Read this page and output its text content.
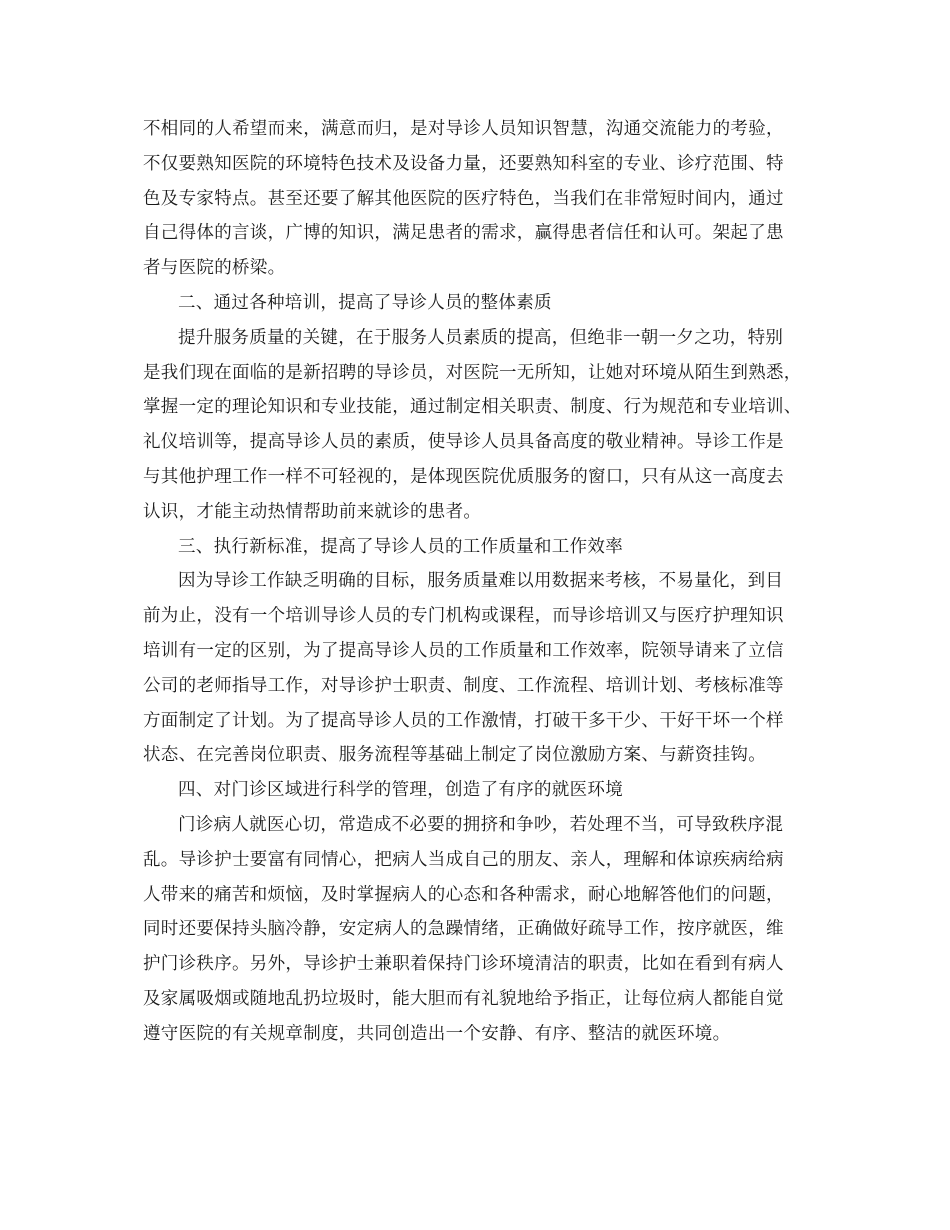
不相同的人希望而来，满意而归，是对导诊人员知识智慧，沟通交流能力的考验，
不仅要熟知医院的环境特色技术及设备力量，还要熟知科室的专业、诊疗范围、特
色及专家特点。甚至还要了解其他医院的医疗特色，当我们在非常短时间内，通过
自己得体的言谈，广博的知识，满足患者的需求，赢得患者信任和认可。架起了患
者与医院的桥梁。
二、通过各种培训，提高了导诊人员的整体素质
提升服务质量的关键，在于服务人员素质的提高，但绝非一朝一夕之功，特别
是我们现在面临的是新招聘的导诊员，对医院一无所知，让她对环境从陌生到熟悉，
掌握一定的理论知识和专业技能，通过制定相关职责、制度、行为规范和专业培训、
礼仪培训等，提高导诊人员的素质，使导诊人员具备高度的敬业精神。导诊工作是
与其他护理工作一样不可轻视的，是体现医院优质服务的窗口，只有从这一高度去
认识，才能主动热情帮助前来就诊的患者。
三、执行新标准，提高了导诊人员的工作质量和工作效率
因为导诊工作缺乏明确的目标，服务质量难以用数据来考核，不易量化，到目
前为止，没有一个培训导诊人员的专门机构或课程，而导诊培训又与医疗护理知识
培训有一定的区别，为了提高导诊人员的工作质量和工作效率，院领导请来了立信
公司的老师指导工作，对导诊护士职责、制度、工作流程、培训计划、考核标准等
方面制定了计划。为了提高导诊人员的工作激情，打破干多干少、干好干坏一个样
状态、在完善岗位职责、服务流程等基础上制定了岗位激励方案、与薪资挂钩。
四、对门诊区域进行科学的管理，创造了有序的就医环境
门诊病人就医心切，常造成不必要的拥挤和争吵，若处理不当，可导致秩序混
乱。导诊护士要富有同情心，把病人当成自己的朋友、亲人，理解和体谅疾病给病
人带来的痛苦和烦恼，及时掌握病人的心态和各种需求，耐心地解答他们的问题，
同时还要保持头脑冷静，安定病人的急躁情绪，正确做好疏导工作，按序就医，维
护门诊秩序。另外，导诊护士兼职着保持门诊环境清洁的职责，比如在看到有病人
及家属吸烟或随地乱扔垃圾时，能大胆而有礼貌地给予指正，让每位病人都能自觉
遵守医院的有关规章制度，共同创造出一个安静、有序、整洁的就医环境。
